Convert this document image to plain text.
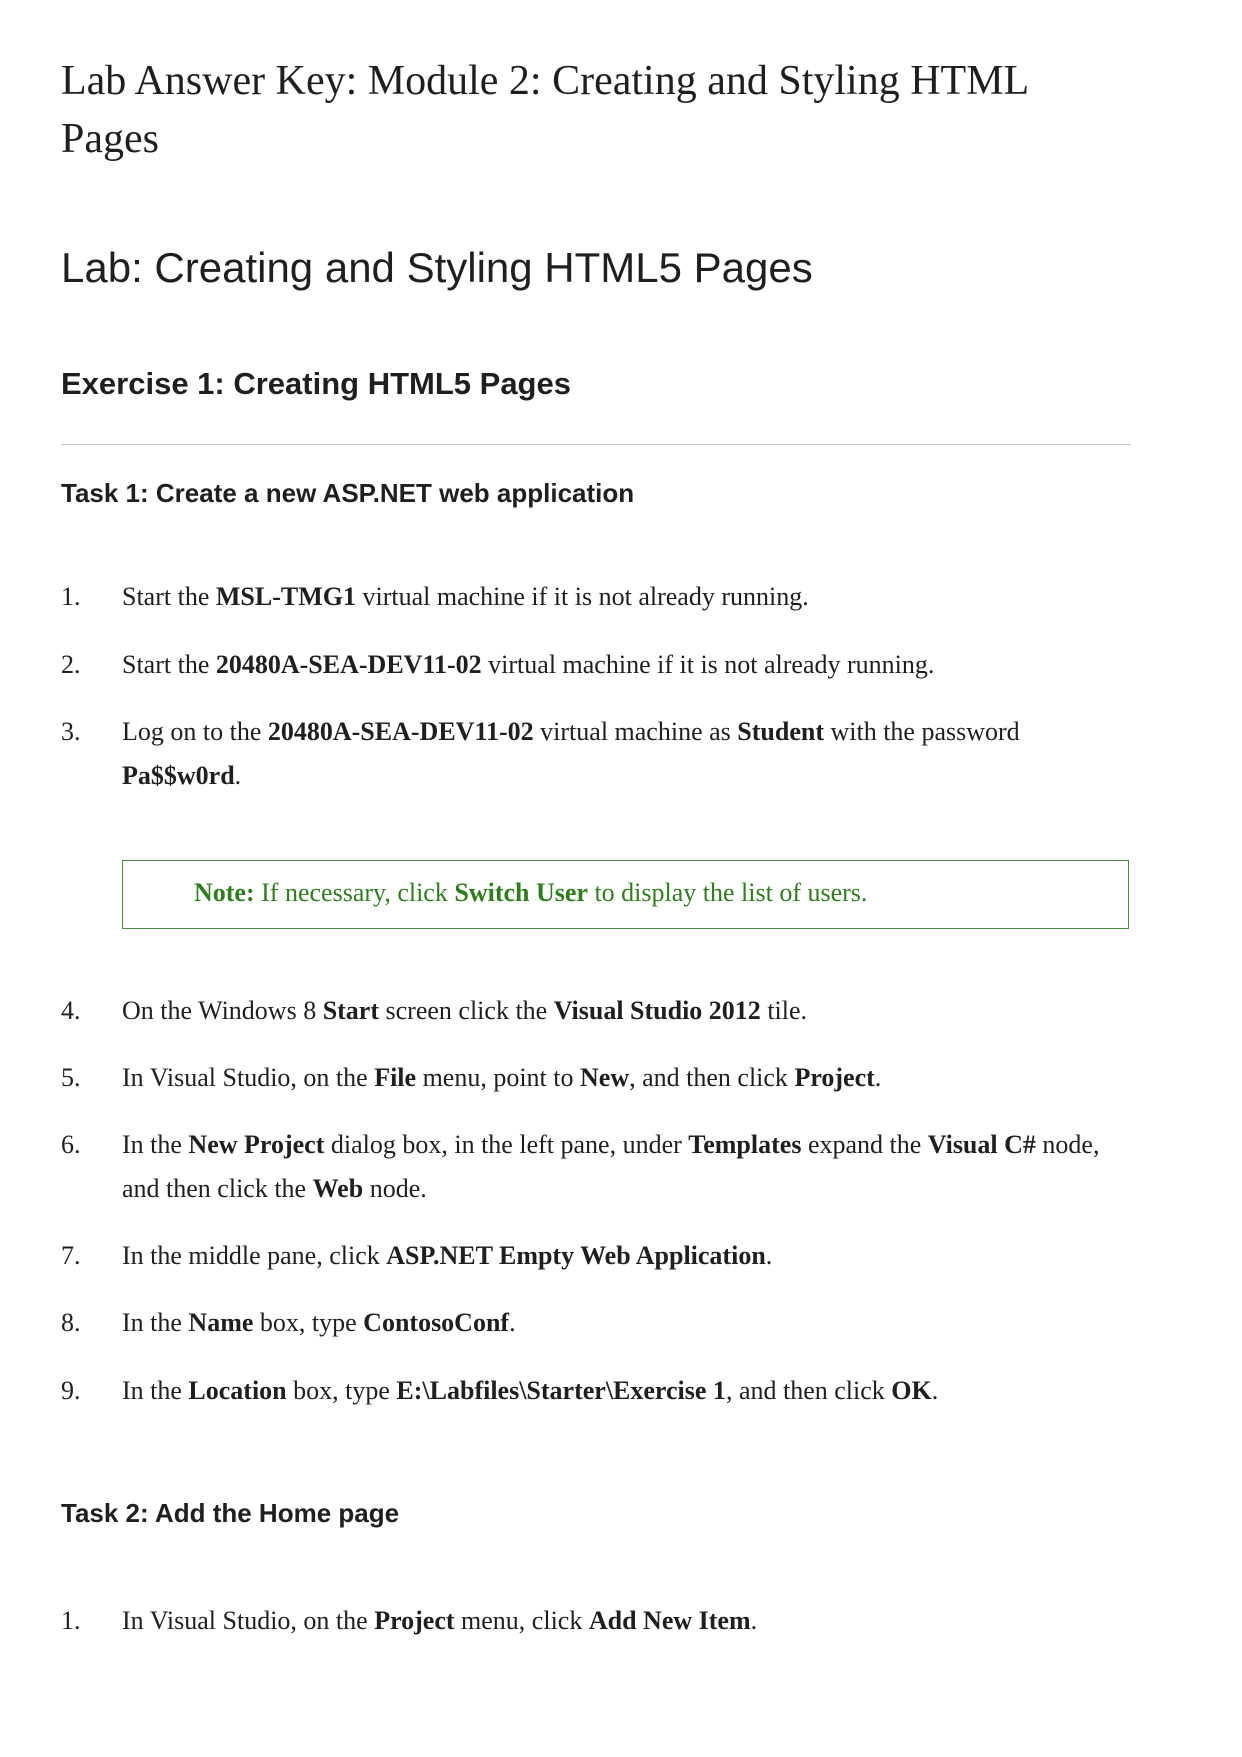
Lab Answer Key: Module 2: Creating and Styling HTML Pages
Lab: Creating and Styling HTML5 Pages
Exercise 1: Creating HTML5 Pages
Task 1: Create a new ASP.NET web application
1.	Start the MSL-TMG1 virtual machine if it is not already running.
2.	Start the 20480A-SEA-DEV11-02 virtual machine if it is not already running.
3.	Log on to the 20480A-SEA-DEV11-02 virtual machine as Student with the password Pa$$w0rd.
Note: If necessary, click Switch User to display the list of users.
4.	On the Windows 8 Start screen click the Visual Studio 2012 tile.
5.	In Visual Studio, on the File menu, point to New, and then click Project.
6.	In the New Project dialog box, in the left pane, under Templates expand the Visual C# node, and then click the Web node.
7.	In the middle pane, click ASP.NET Empty Web Application.
8.	In the Name box, type ContosoConf.
9.	In the Location box, type E:\Labfiles\Starter\Exercise 1, and then click OK.
Task 2: Add the Home page
1.	In Visual Studio, on the Project menu, click Add New Item.
